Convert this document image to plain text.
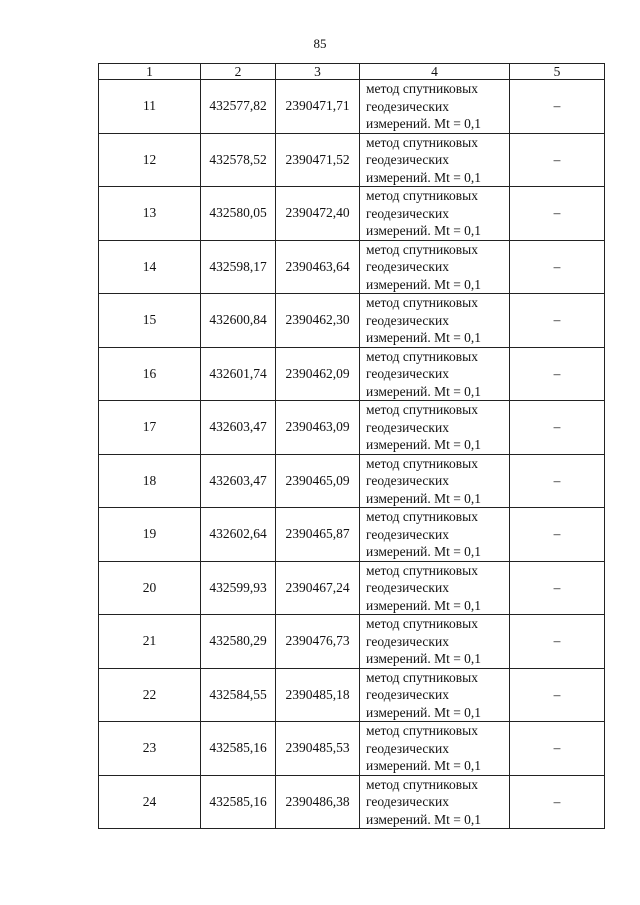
85
1	2	3	4	5
11	432577,82	2390471,71	метод спутниковых
геодезических
измерений. Mt = 0,1	–
12	432578,52	2390471,52	метод спутниковых
геодезических
измерений. Mt = 0,1	–
13	432580,05	2390472,40	метод спутниковых
геодезических
измерений. Mt = 0,1	–
14	432598,17	2390463,64	метод спутниковых
геодезических
измерений. Mt = 0,1	–
15	432600,84	2390462,30	метод спутниковых
геодезических
измерений. Mt = 0,1	–
16	432601,74	2390462,09	метод спутниковых
геодезических
измерений. Mt = 0,1	–
17	432603,47	2390463,09	метод спутниковых
геодезических
измерений. Mt = 0,1	–
18	432603,47	2390465,09	метод спутниковых
геодезических
измерений. Mt = 0,1	–
19	432602,64	2390465,87	метод спутниковых
геодезических
измерений. Mt = 0,1	–
20	432599,93	2390467,24	метод спутниковых
геодезических
измерений. Mt = 0,1	–
21	432580,29	2390476,73	метод спутниковых
геодезических
измерений. Mt = 0,1	–
22	432584,55	2390485,18	метод спутниковых
геодезических
измерений. Mt = 0,1	–
23	432585,16	2390485,53	метод спутниковых
геодезических
измерений. Mt = 0,1	–
24	432585,16	2390486,38	метод спутниковых
геодезических
измерений. Mt = 0,1	–
